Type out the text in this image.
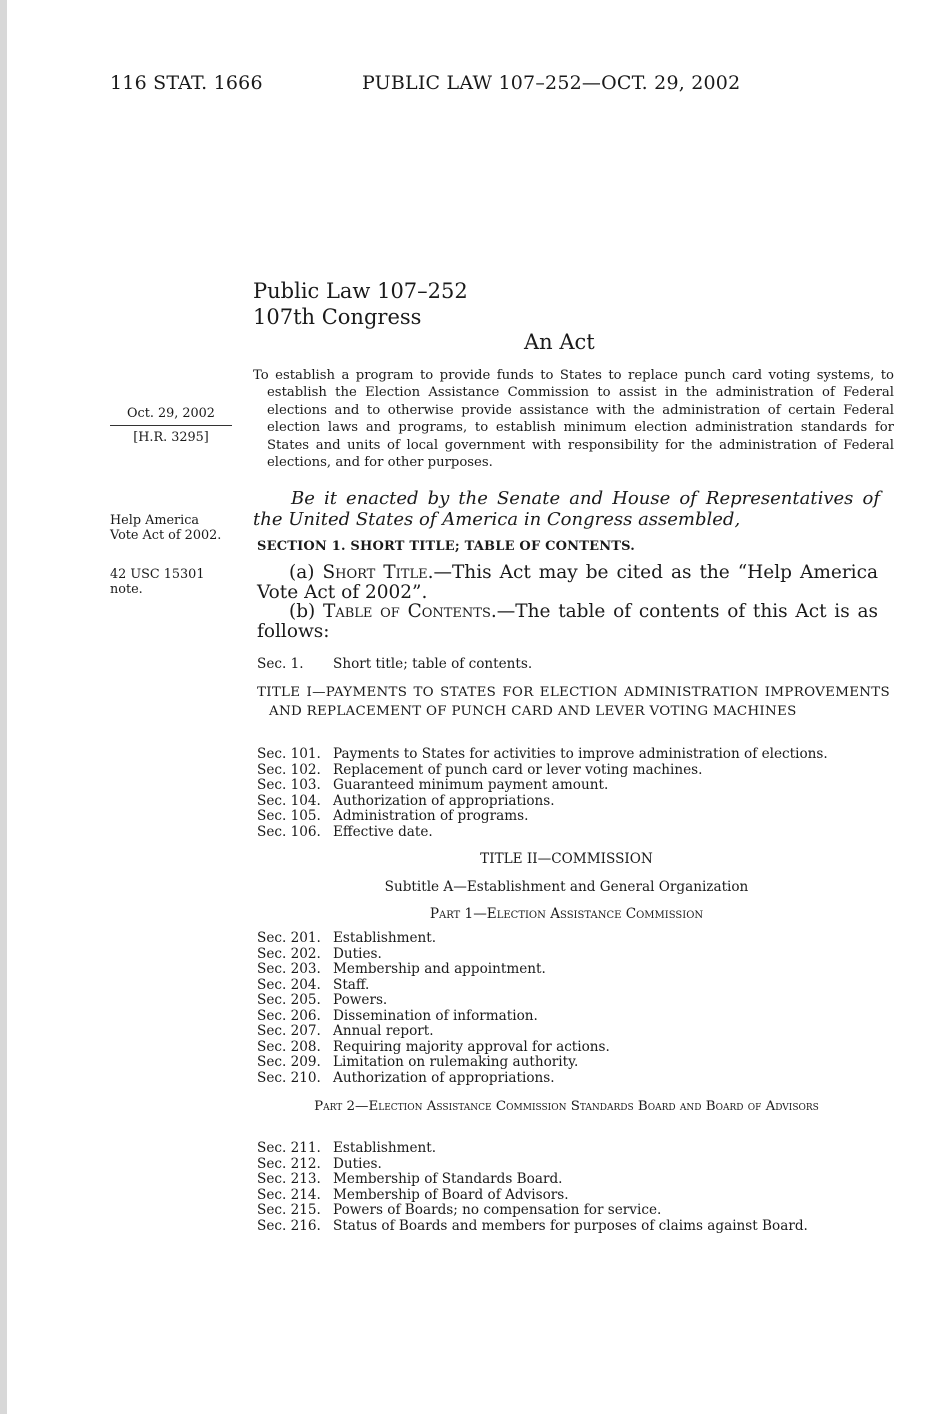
116 STAT. 1666	PUBLIC LAW 107–252—OCT. 29, 2002
Public Law 107–252
107th Congress
An Act
Oct. 29, 2002
[H.R. 3295]
Help America
Vote Act of 2002.
42 USC 15301
note.
To establish a program to provide funds to States to replace punch card voting systems, to establish the Election Assistance Commission to assist in the administration of Federal elections and to otherwise provide assistance with the administration of certain Federal election laws and programs, to establish minimum election administration standards for States and units of local government with responsibility for the administration of Federal elections, and for other purposes.
Be it enacted by the Senate and House of Representatives of the United States of America in Congress assembled,
SECTION 1. SHORT TITLE; TABLE OF CONTENTS.
(a) Short Title.—This Act may be cited as the “Help America Vote Act of 2002”.
(b) Table of Contents.—The table of contents of this Act is as follows:
Sec. 1. Short title; table of contents.
TITLE I—PAYMENTS TO STATES FOR ELECTION ADMINISTRATION IMPROVEMENTS AND REPLACEMENT OF PUNCH CARD AND LEVER VOTING MACHINES
Sec. 101. Payments to States for activities to improve administration of elections.
Sec. 102. Replacement of punch card or lever voting machines.
Sec. 103. Guaranteed minimum payment amount.
Sec. 104. Authorization of appropriations.
Sec. 105. Administration of programs.
Sec. 106. Effective date.
TITLE II—COMMISSION
Subtitle A—Establishment and General Organization
Part 1—Election Assistance Commission
Sec. 201. Establishment.
Sec. 202. Duties.
Sec. 203. Membership and appointment.
Sec. 204. Staff.
Sec. 205. Powers.
Sec. 206. Dissemination of information.
Sec. 207. Annual report.
Sec. 208. Requiring majority approval for actions.
Sec. 209. Limitation on rulemaking authority.
Sec. 210. Authorization of appropriations.
Part 2—Election Assistance Commission Standards Board and Board of Advisors
Sec. 211. Establishment.
Sec. 212. Duties.
Sec. 213. Membership of Standards Board.
Sec. 214. Membership of Board of Advisors.
Sec. 215. Powers of Boards; no compensation for service.
Sec. 216. Status of Boards and members for purposes of claims against Board.
